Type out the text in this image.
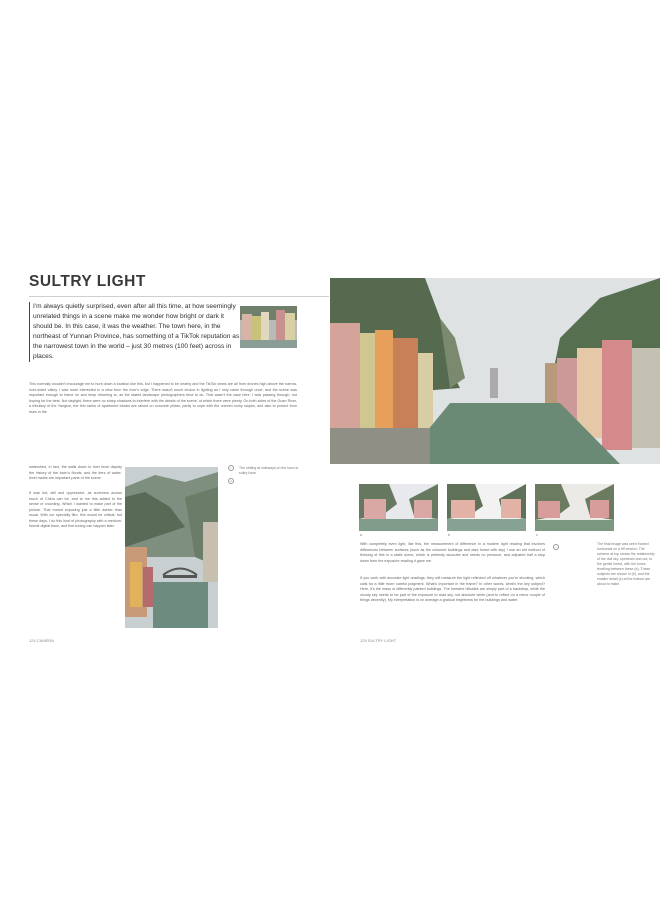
SULTRY LIGHT
I'm always quietly surprised, even after all this time, at how seemingly unrelated things in a scene make me wonder how bright or dark it should be. In this case, it was the weather. The town here, in the northeast of Yunnan Province, has something of a TikTok reputation as the narrowest town in the world – just 30 metres (100 feet) across in places.
This normally wouldn't encourage me to hunt down a location like this, but I happened to be nearby and the TikTok views are all from drones high above the narrow, river-sided valley. I was more interested in a view from the river's edge. There wasn't much choice in lighting as I only came through once, and the scene was important enough to frame on and keep returning to, as the stated landscape photographers tend to do. That wasn't the case here. I was passing through, not hoping for the best. Not daylight, there were no sharp shadows to interfere with the details of the scene, of which there were plenty. On both sides of the Guan River, a tributary of the Yangtze, the thin ranks of apartment blocks are raised on concrete pillars, partly to cope with the uneven rocky slopes, and also to protect from rises in the
watershed. In fact, the walls down to river level display the history of the town's floods, and the tiers of water-level marks are important parts of the scene.
It was hot, still and oppressive, as summers across much of China can be, and to me this added to the sense of crowding. Which I wanted to make part of the picture. That meant exposing just a little darker than usual. With our specially film, this would be critical, but these days, I do this kind of photography with a medium-format digital back, and fine-tuning can happen later.
i
ii
The setting at sideways on the town in sultry haze
a	b	c
With completely even light, like this, the measurement of difference in a modern light reading that involves differences between surfaces (such as the coloured buildings and dark forest with sky) I use an old method of thinking of this in a static dome, which is perfectly accurate and needs no pressure, and adjusted half a stop down from the exposure reading it gave me.
If you work with accurate light readings, they will measure the light reflected off whatever you're shooting, which calls for a little more careful judgment. What's important in the frame? In other words, what's the key subject? Here, it's the mass of differently painted buildings. The forested hillsides are simply part of a backdrop, while the cloudy sky needs to be part of the exposure to read sky, not absolute white (and to reflect on a minor couple of things decently). My interpretation is on average a gradual brightness for the buildings and water.
i
The final image was seen framed horizontal on a tiff version. The scheme at top shows the relationship of the dull sky, upstream and out, to the gentle forest, with the tones levelling between these (a). These subjects are shown in (b), and the smaller detail (c) at the bottom are about to make.
124 CAMERA	125 SULTRY LIGHT
